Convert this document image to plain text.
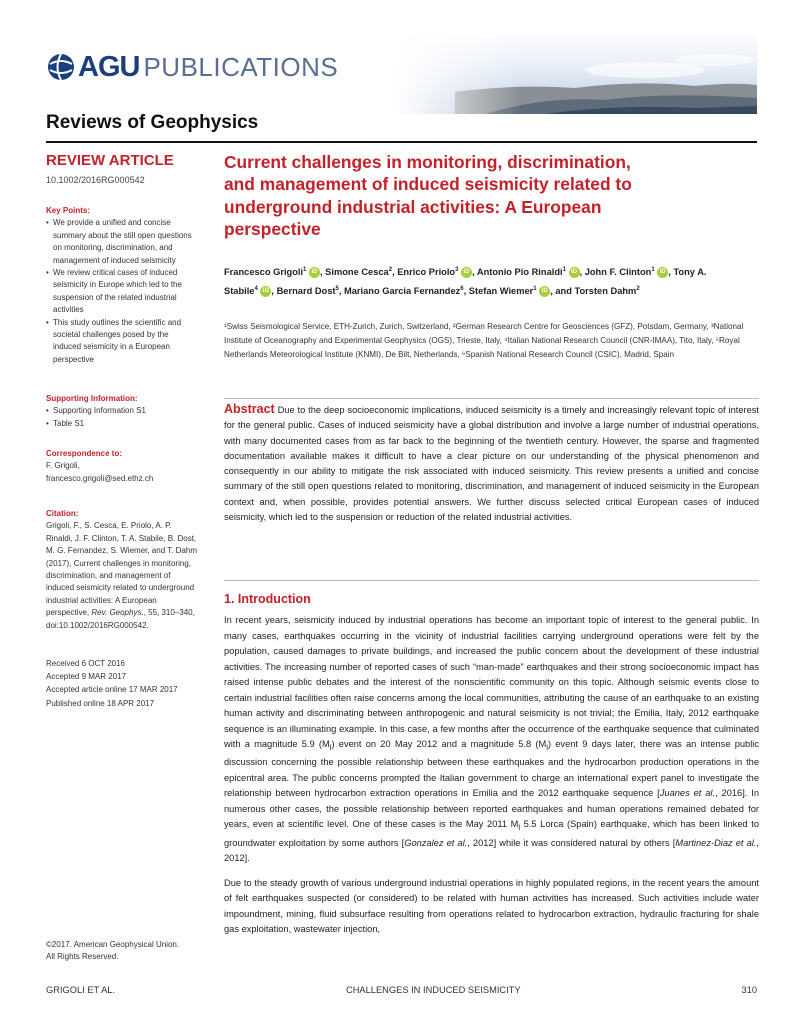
AGU PUBLICATIONS
Reviews of Geophysics
REVIEW ARTICLE
10.1002/2016RG000542
Key Points:
• We provide a unified and concise summary about the still open questions on monitoring, discrimination, and management of induced seismicity
• We review critical cases of induced seismicity in Europe which led to the suspension of the related industrial activities
• This study outlines the scientific and societal challenges posed by the induced seismicity in a European perspective
Supporting Information:
• Supporting Information S1
• Table S1
Correspondence to:
F. Grigoli,
francesco.grigoli@sed.ethz.ch
Citation:
Grigoli, F., S. Cesca, E. Priolo, A. P. Rinaldi, J. F. Clinton, T. A. Stabile, B. Dost, M. G. Fernandez, S. Wiemer, and T. Dahm (2017), Current challenges in monitoring, discrimination, and management of induced seismicity related to underground industrial activities: A European perspective, Rev. Geophys., 55, 310–340, doi:10.1002/2016RG000542.
Received 6 OCT 2016
Accepted 9 MAR 2017
Accepted article online 17 MAR 2017
Published online 18 APR 2017
©2017. American Geophysical Union.
All Rights Reserved.
Current challenges in monitoring, discrimination, and management of induced seismicity related to underground industrial activities: A European perspective
Francesco Grigoli$^1$ iD , Simone Cesca$^2$, Enrico Priolo$^3$ iD , Antonio Pio Rinaldi$^1$ iD , John F. Clinton$^1$ iD , Tony A. Stabile$^4$ iD , Bernard Dost$^5$, Mariano Garcia Fernandez$^6$, Stefan Wiemer$^1$ iD , and Torsten Dahm$^2$
¹Swiss Seismological Service, ETH-Zurich, Zurich, Switzerland, ²German Research Centre for Geosciences (GFZ), Potsdam, Germany, ³National Institute of Oceanography and Experimental Geophysics (OGS), Trieste, Italy, ⁴Italian National Research Council (CNR-IMAA), Tito, Italy, ⁵Royal Netherlands Meteorological Institute (KNMI), De Bilt, Netherlands, ⁶Spanish National Research Council (CSIC), Madrid, Spain
Abstract Due to the deep socioeconomic implications, induced seismicity is a timely and increasingly relevant topic of interest for the general public. Cases of induced seismicity have a global distribution and involve a large number of industrial operations, with many documented cases from as far back to the beginning of the twentieth century. However, the sparse and fragmented documentation available makes it difficult to have a clear picture on our understanding of the physical phenomenon and consequently in our ability to mitigate the risk associated with induced seismicity. This review presents a unified and concise summary of the still open questions related to monitoring, discrimination, and management of induced seismicity in the European context and, when possible, provides potential answers. We further discuss selected critical European cases of induced seismicity, which led to the suspension or reduction of the related industrial activities.
1. Introduction

In recent years, seismicity induced by industrial operations has become an important topic of interest to the general public. In many cases, earthquakes occurring in the vicinity of industrial facilities carrying underground operations were felt by the population, caused damages to private buildings, and increased the public concern about the development of these industrial activities. The increasing number of reported cases of such “man-made” earthquakes and their strong socioeconomic impact has raised intense public debates and the interest of the nonscientific community on this topic. Although seismic events close to certain industrial facilities often raise concerns among the local communities, attributing the cause of an earthquake to an existing human activity and discriminating between anthropogenic and natural seismicity is not trivial; the Emilia, Italy, 2012 earthquake sequence is an illuminating example. In this case, a few months after the occurrence of the earthquake sequence that culminated with a magnitude 5.9 $(M_l)$ event on 20 May 2012 and a magnitude 5.8 $(M_l)$ event 9 days later, there was an intense public discussion concerning the possible relationship between these earthquakes and the hydrocarbon production operations in the epicentral area. The public concerns prompted the Italian government to charge an international expert panel to investigate the relationship between hydrocarbon extraction operations in Emilia and the 2012 earthquake sequence [Juanes et al., 2016]. In numerous other cases, the possible relationship between reported earthquakes and human operations remained debated for years, even at scientific level. One of these cases is the May 2011 $M_l$ 5.5 Lorca (Spain) earthquake, which has been linked to groundwater exploitation by some authors [Gonzalez et al., 2012] while it was considered natural by others [Martinez-Diaz et al., 2012].

Due to the steady growth of various underground industrial operations in highly populated regions, in the recent years the amount of felt earthquakes suspected (or considered) to be related with human activities has increased. Such activities include water impoundment, mining, fluid subsurface resulting from operations related to hydrocarbon extraction, hydraulic fracturing for shale gas exploitation, wastewater injection,

GRIGOLI ET AL.	CHALLENGES IN INDUCED SEISMICITY	310
